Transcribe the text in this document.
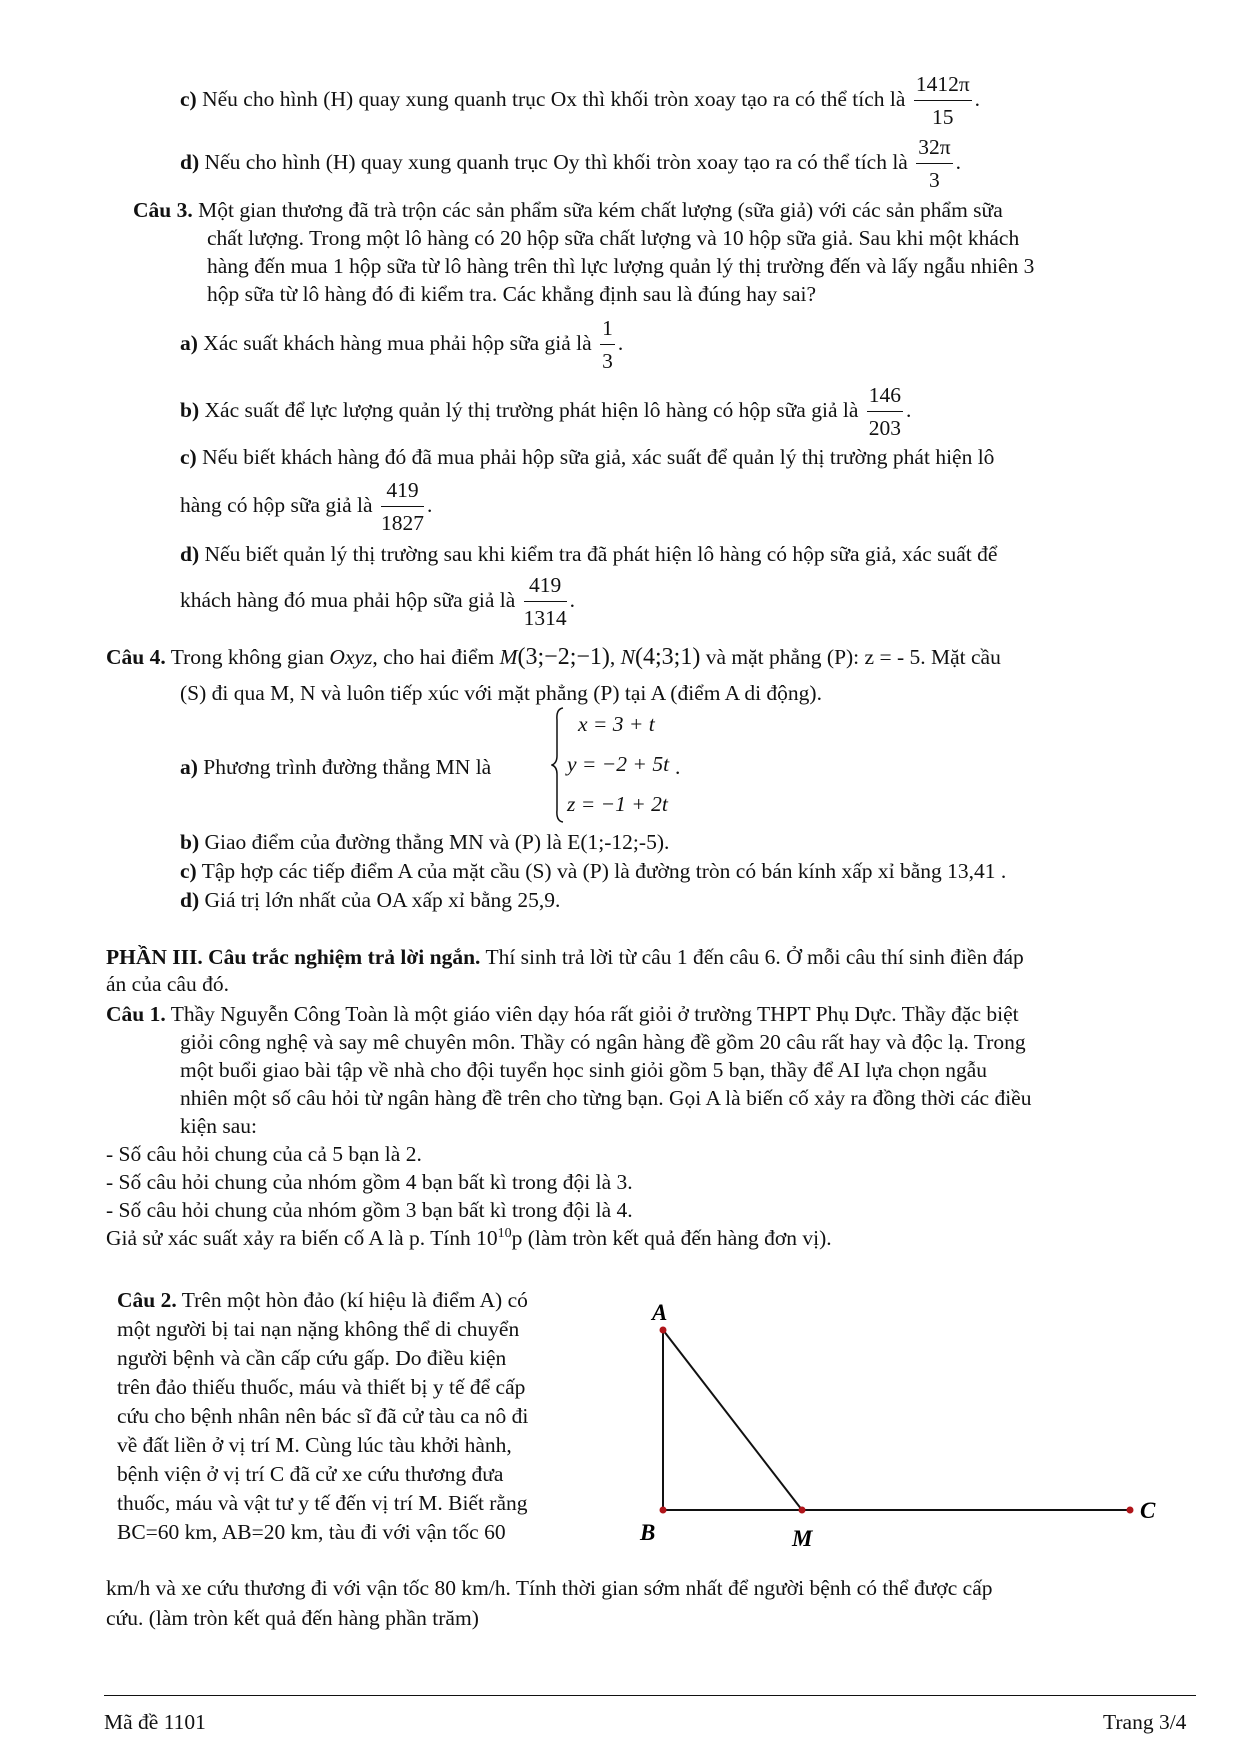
c) Nếu cho hình (H) quay xung quanh trục Ox thì khối tròn xoay tạo ra có thể tích là $\frac{1412\pi}{15}$ .
d) Nếu cho hình (H) quay xung quanh trục Oy thì khối tròn xoay tạo ra có thể tích là $\frac{32\pi}{3}$ .
Câu 3. Một gian thương đã trà trộn các sản phẩm sữa kém chất lượng (sữa giả) với các sản phẩm sữa
chất lượng. Trong một lô hàng có 20 hộp sữa chất lượng và 10 hộp sữa giả. Sau khi một khách
hàng đến mua 1 hộp sữa từ lô hàng trên thì lực lượng quản lý thị trường đến và lấy ngẫu nhiên 3
hộp sữa từ lô hàng đó đi kiểm tra. Các khẳng định sau là đúng hay sai?
a) Xác suất khách hàng mua phải hộp sữa giả là $\frac{1}{3}$ .
b) Xác suất để lực lượng quản lý thị trường phát hiện lô hàng có hộp sữa giả là $\frac{146}{203}$ .
c) Nếu biết khách hàng đó đã mua phải hộp sữa giả, xác suất để quản lý thị trường phát hiện lô
hàng có hộp sữa giả là $\frac{419}{1827}$ .
d) Nếu biết quản lý thị trường sau khi kiểm tra đã phát hiện lô hàng có hộp sữa giả, xác suất để
khách hàng đó mua phải hộp sữa giả là $\frac{419}{1314}$ .
Câu 4. Trong không gian Oxyz, cho hai điểm M(3;−2;−1), N(4;3;1) và mặt phẳng (P): z = - 5. Mặt cầu
(S) đi qua M, N và luôn tiếp xúc với mặt phẳng (P) tại A (điểm A di động).
a) Phương trình đường thẳng MN là
x = 3 + t
y = −2 + 5t
z = −1 + 2t
.
b) Giao điểm của đường thẳng MN và (P) là E(1;-12;-5).
c) Tập hợp các tiếp điểm A của mặt cầu (S) và (P) là đường tròn có bán kính xấp xỉ bằng 13,41 .
d) Giá trị lớn nhất của OA xấp xỉ bằng 25,9.
PHẦN III. Câu trắc nghiệm trả lời ngắn. Thí sinh trả lời từ câu 1 đến câu 6. Ở mỗi câu thí sinh điền đáp
án của câu đó.
Câu 1. Thầy Nguyễn Công Toàn là một giáo viên dạy hóa rất giỏi ở trường THPT Phụ Dực. Thầy đặc biệt
giỏi công nghệ và say mê chuyên môn. Thầy có ngân hàng đề gồm 20 câu rất hay và độc lạ. Trong
một buổi giao bài tập về nhà cho đội tuyển học sinh giỏi gồm 5 bạn, thầy để AI lựa chọn ngẫu
nhiên một số câu hỏi từ ngân hàng đề trên cho từng bạn. Gọi A là biến cố xảy ra đồng thời các điều
kiện sau:
- Số câu hỏi chung của cả 5 bạn là 2.
- Số câu hỏi chung của nhóm gồm 4 bạn bất kì trong đội là 3.
- Số câu hỏi chung của nhóm gồm 3 bạn bất kì trong đội là 4.
Giả sử xác suất xảy ra biến cố A là p. Tính $10^{10}p$ (làm tròn kết quả đến hàng đơn vị).
Câu 2. Trên một hòn đảo (kí hiệu là điểm A) có
một người bị tai nạn nặng không thể di chuyển
người bệnh và cần cấp cứu gấp. Do điều kiện
trên đảo thiếu thuốc, máu và thiết bị y tế để cấp
cứu cho bệnh nhân nên bác sĩ đã cử tàu ca nô đi
về đất liền ở vị trí M. Cùng lúc tàu khởi hành,
bệnh viện ở vị trí C đã cử xe cứu thương đưa
thuốc, máu và vật tư y tế đến vị trí M. Biết rằng
BC=60 km, AB=20 km, tàu đi với vận tốc 60
km/h và xe cứu thương đi với vận tốc 80 km/h. Tính thời gian sớm nhất để người bệnh có thể được cấp
cứu. (làm tròn kết quả đến hàng phần trăm)
A
B	M
C
Mã đề 1101	Trang 3/4
